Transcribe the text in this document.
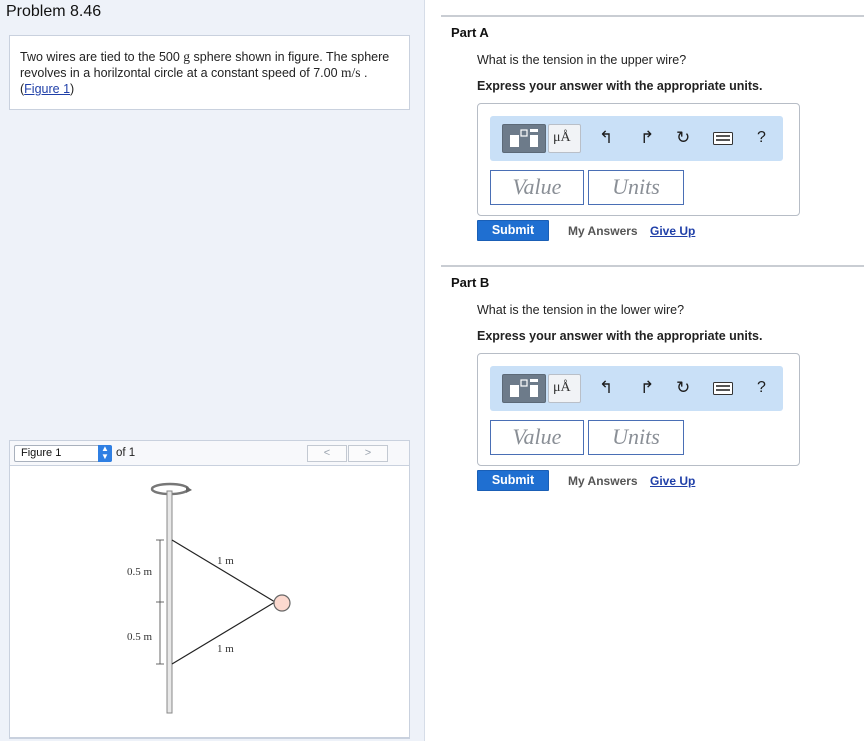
Problem 8.46
Two wires are tied to the 500 g sphere shown in figure. The sphere revolves in a horilzontal circle at a constant speed of 7.00 m/s . (Figure 1)
Figure 1	▲
▼ of 1	<	>
0.5 m
0.5 m
1 m
1 m
Part A
What is the tension in the upper wire?
Express your answer with the appropriate units.
μÅ ↰ ↱ ↻	?
Value	Units
Submit	My Answers Give Up
Part B
What is the tension in the lower wire?
Express your answer with the appropriate units.
μÅ ↰ ↱ ↻	?
Value	Units
Submit	My Answers Give Up
